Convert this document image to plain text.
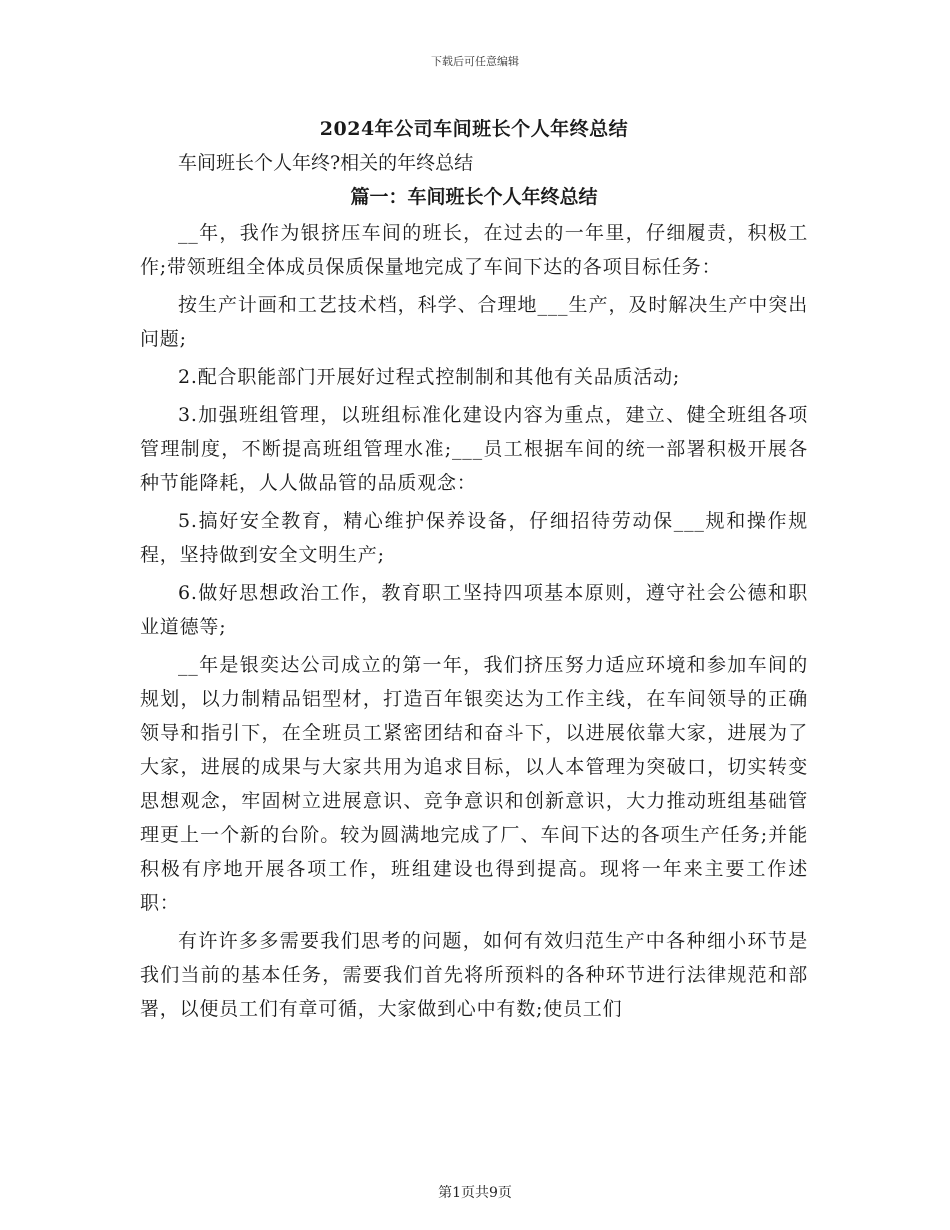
下载后可任意编辑
2024年公司车间班长个人年终总结
车间班长个人年终?相关的年终总结
篇一：车间班长个人年终总结

__年，我作为银挤压车间的班长，在过去的一年里，仔细履责，积极工作;带领班组全体成员保质保量地完成了车间下达的各项目标任务：

按生产计画和工艺技术档，科学、合理地___生产，及时解决生产中突出问题;

2.配合职能部门开展好过程式控制制和其他有关品质活动;

3.加强班组管理，以班组标准化建设内容为重点，建立、健全班组各项管理制度，不断提高班组管理水准;___员工根据车间的统一部署积极开展各种节能降耗，人人做品管的品质观念：

5.搞好安全教育，精心维护保养设备，仔细招待劳动保___规和操作规程，坚持做到安全文明生产;

6.做好思想政治工作，教育职工坚持四项基本原则，遵守社会公德和职业道德等;

__年是银奕达公司成立的第一年，我们挤压努力适应环境和参加车间的规划，以力制精品铝型材，打造百年银奕达为工作主线，在车间领导的正确领导和指引下，在全班员工紧密团结和奋斗下，以进展依靠大家，进展为了大家，进展的成果与大家共用为追求目标，以人本管理为突破口，切实转变思想观念，牢固树立进展意识、竞争意识和创新意识，大力推动班组基础管理更上一个新的台阶。较为圆满地完成了厂、车间下达的各项生产任务;并能积极有序地开展各项工作，班组建设也得到提高。现将一年来主要工作述职：

有许许多多需要我们思考的问题，如何有效归范生产中各种细小环节是我们当前的基本任务，需要我们首先将所预料的各种环节进行法律规范和部署，以便员工们有章可循，大家做到心中有数;使员工们

第1页共9页
